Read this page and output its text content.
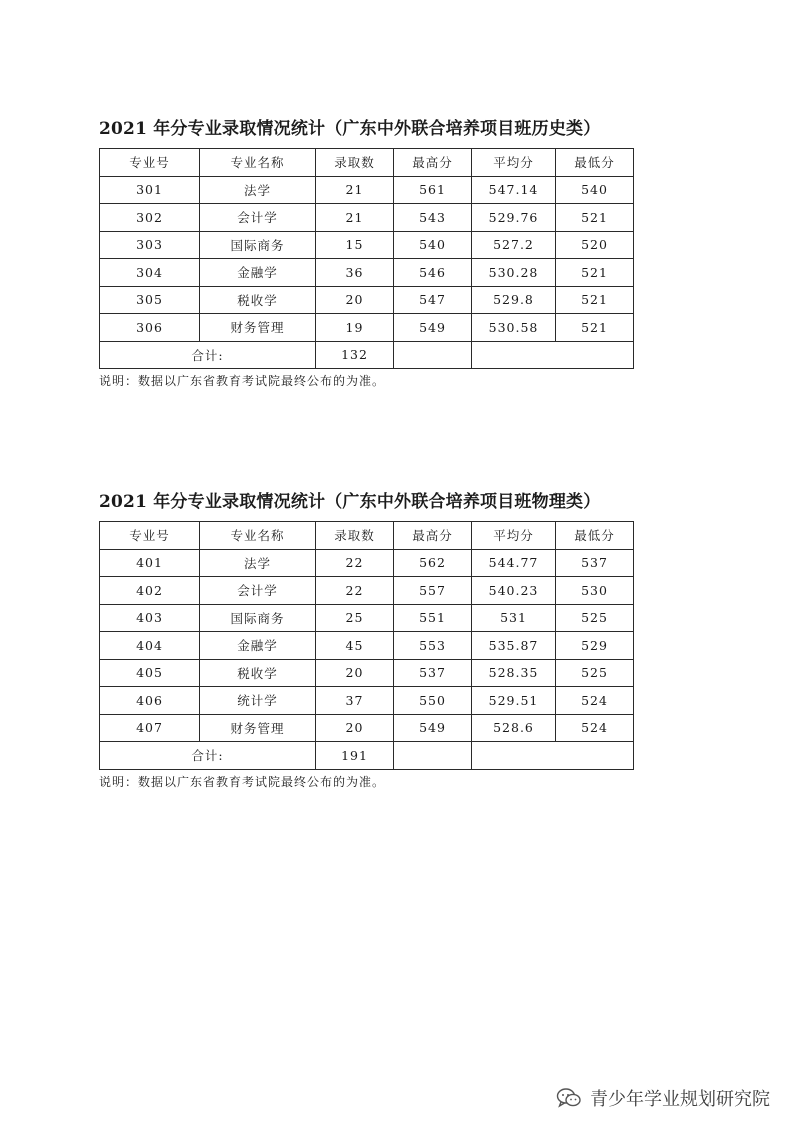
2021 年分专业录取情况统计（广东中外联合培养项目班历史类）
专业号	专业名称	录取数	最高分	平均分	最低分
301	法学	21	561	547.14	540
302	会计学	21	543	529.76	521
303	国际商务	15	540	527.2	520
304	金融学	36	546	530.28	521
305	税收学	20	547	529.8	521
306	财务管理	19	549	530.58	521
合计:		132			
说明：数据以广东省教育考试院最终公布的为准。
2021 年分专业录取情况统计（广东中外联合培养项目班物理类）
专业号	专业名称	录取数	最高分	平均分	最低分
401	法学	22	562	544.77	537
402	会计学	22	557	540.23	530
403	国际商务	25	551	531	525
404	金融学	45	553	535.87	529
405	税收学	20	537	528.35	525
406	统计学	37	550	529.51	524
407	财务管理	20	549	528.6	524
合计:		191			
说明：数据以广东省教育考试院最终公布的为准。
青少年学业规划研究院
